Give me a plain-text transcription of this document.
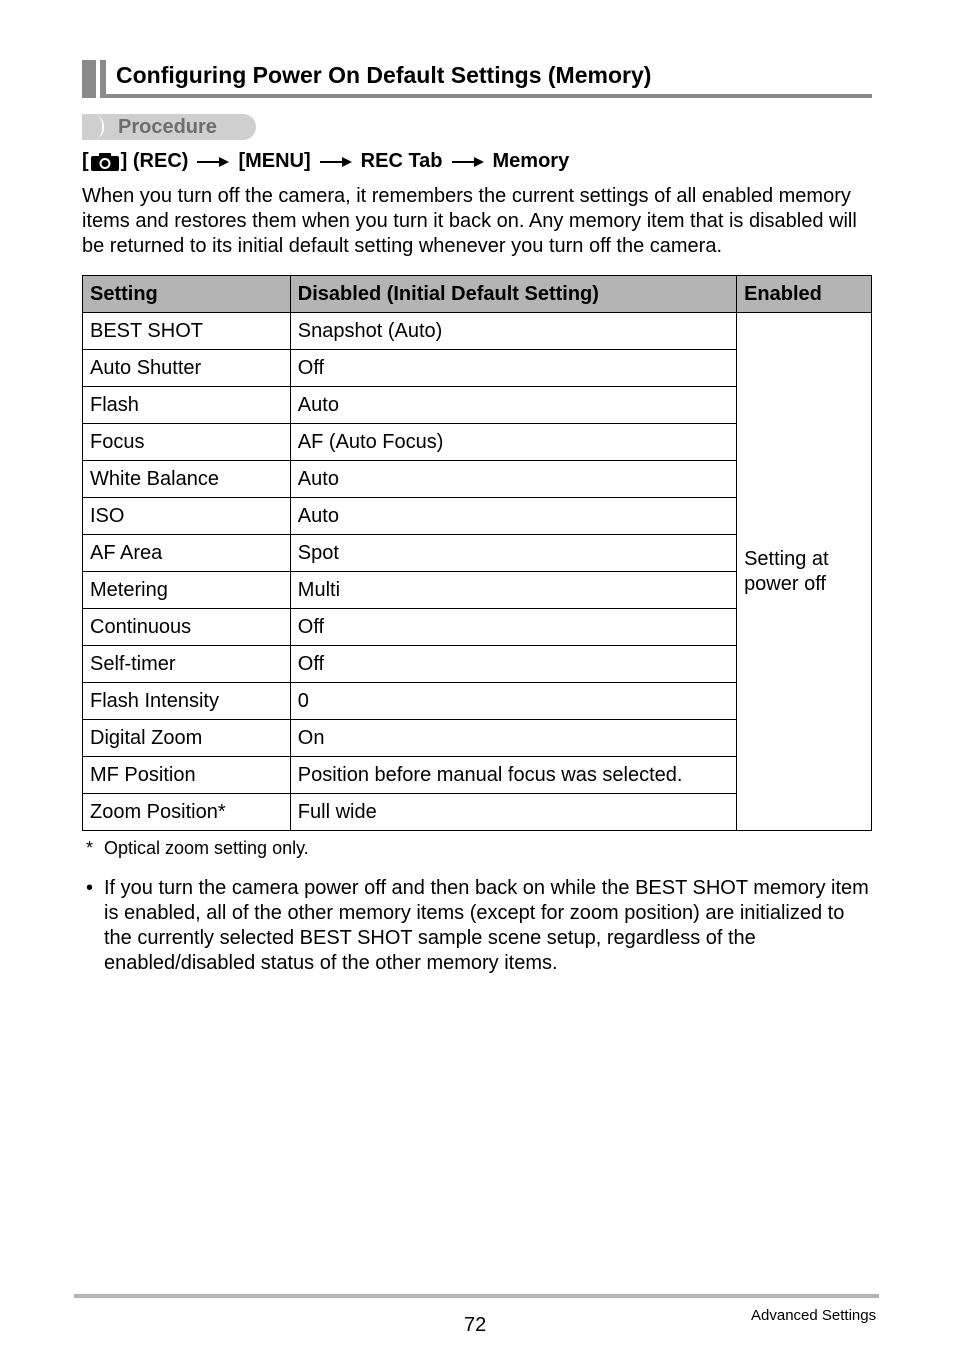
Configuring Power On Default Settings (Memory)
Procedure
[ ] (REC)	[MENU]	REC Tab	Memory
When you turn off the camera, it remembers the current settings of all enabled memory items and restores them when you turn it back on. Any memory item that is disabled will be returned to its initial default setting whenever you turn off the camera.
Setting	Disabled (Initial Default Setting)	Enabled
BEST SHOT	Snapshot (Auto)	Setting at power off
Auto Shutter	Off	
Flash	Auto	
Focus	AF (Auto Focus)	
White Balance	Auto	
ISO	Auto	
AF Area	Spot	
Metering	Multi	
Continuous	Off	
Self-timer	Off	
Flash Intensity	0	
Digital Zoom	On	
MF Position	Position before manual focus was selected.	
Zoom Position*	Full wide	
* Optical zoom setting only.
• If you turn the camera power off and then back on while the BEST SHOT memory item is enabled, all of the other memory items (except for zoom position) are initialized to the currently selected BEST SHOT sample scene setup, regardless of the enabled/disabled status of the other memory items.
72	Advanced Settings
